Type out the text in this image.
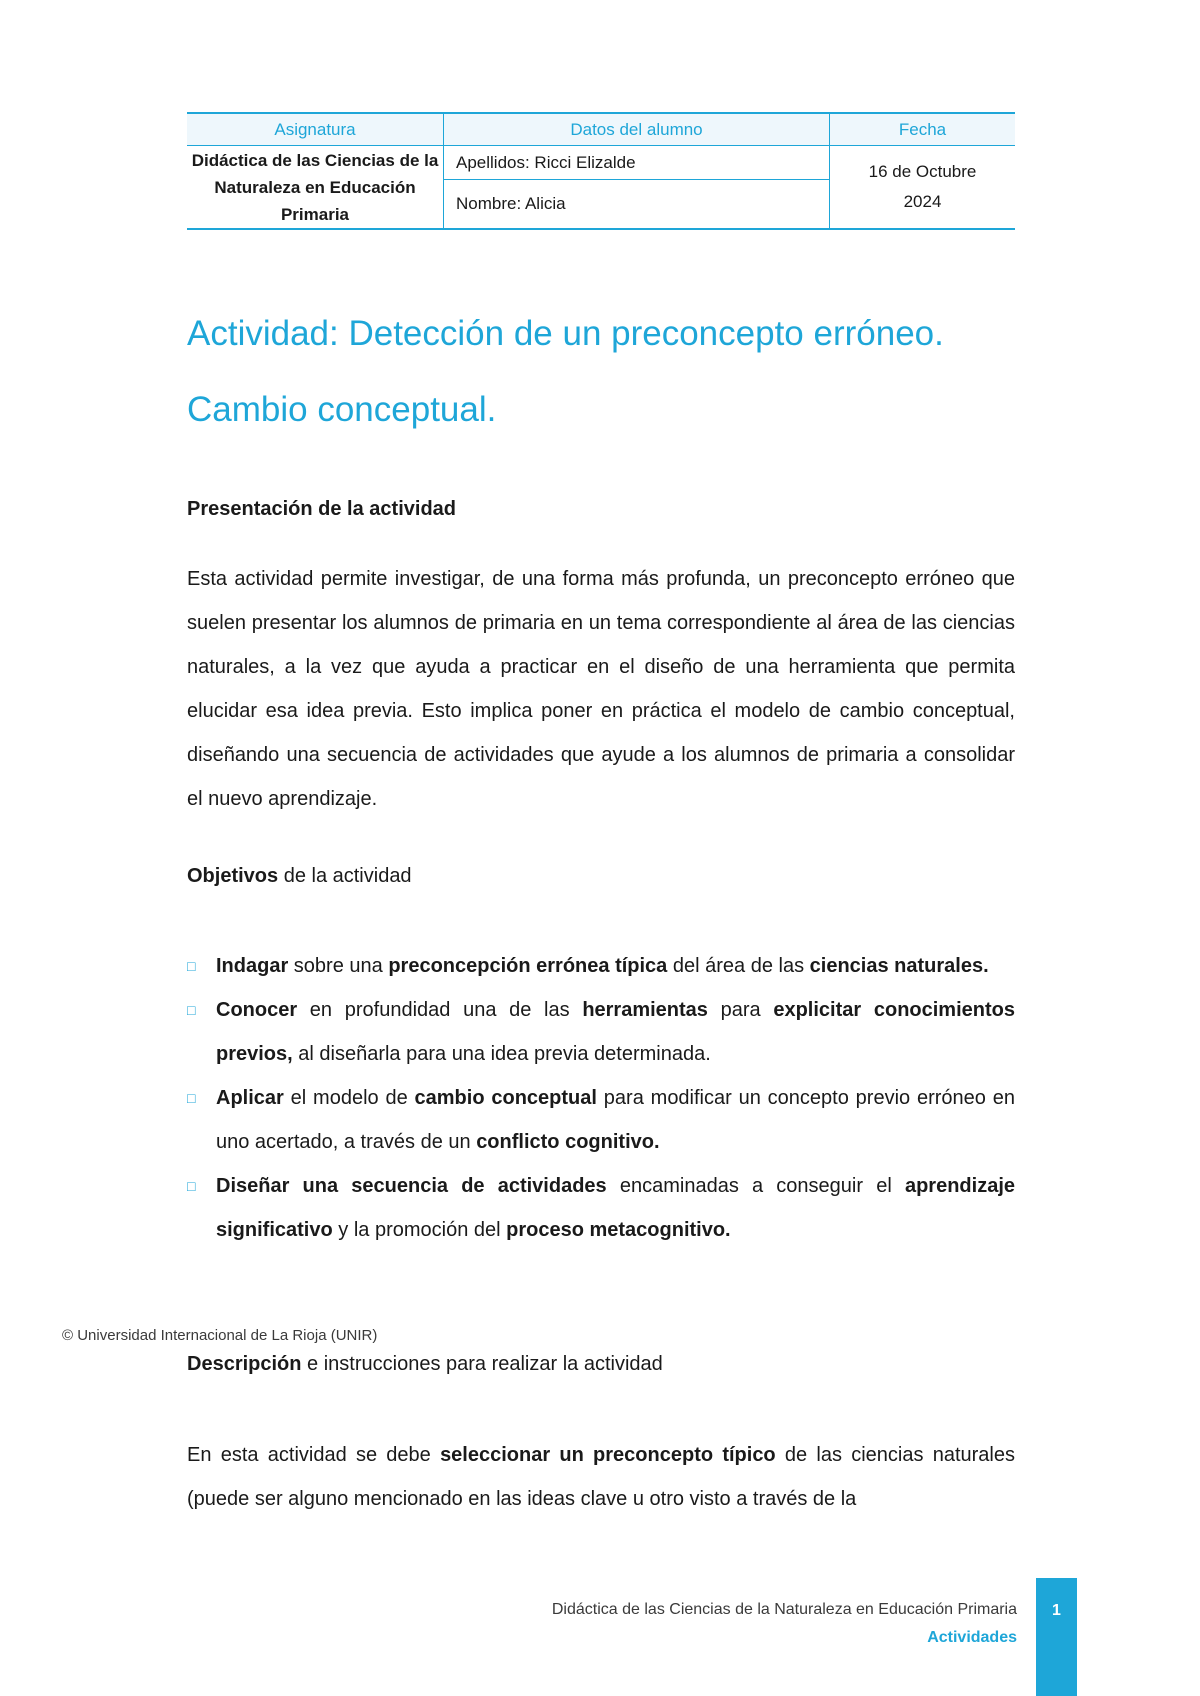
Asignatura	Datos del alumno	Fecha
Didáctica de las Ciencias de la Naturaleza en Educación Primaria	Apellidos: Ricci Elizalde	16 de Octubre 2024

	Nombre: Alicia	
Actividad: Detección de un preconcepto erróneo.
Cambio conceptual.
Presentación de la actividad

Esta actividad permite investigar, de una forma más profunda, un preconcepto erróneo que suelen presentar los alumnos de primaria en un tema correspondiente al área de las ciencias naturales, a la vez que ayuda a practicar en el diseño de una herramienta que permita elucidar esa idea previa. Esto implica poner en práctica el modelo de cambio conceptual, diseñando una secuencia de actividades que ayude a los alumnos de primaria a consolidar el nuevo aprendizaje.

Objetivos de la actividad
□ Indagar sobre una preconcepción errónea típica del área de las ciencias naturales.
□ Conocer en profundidad una de las herramientas para explicitar conocimientos previos, al diseñarla para una idea previa determinada.
□ Aplicar el modelo de cambio conceptual para modificar un concepto previo erróneo en uno acertado, a través de un conflicto cognitivo.
□ Diseñar una secuencia de actividades encaminadas a conseguir el aprendizaje significativo y la promoción del proceso metacognitivo.
© Universidad Internacional de La Rioja (UNIR)
Descripción e instrucciones para realizar la actividad

En esta actividad se debe seleccionar un preconcepto típico de las ciencias naturales (puede ser alguno mencionado en las ideas clave u otro visto a través de la

Didáctica de las Ciencias de la Naturaleza en Educación Primaria
Actividades
1
